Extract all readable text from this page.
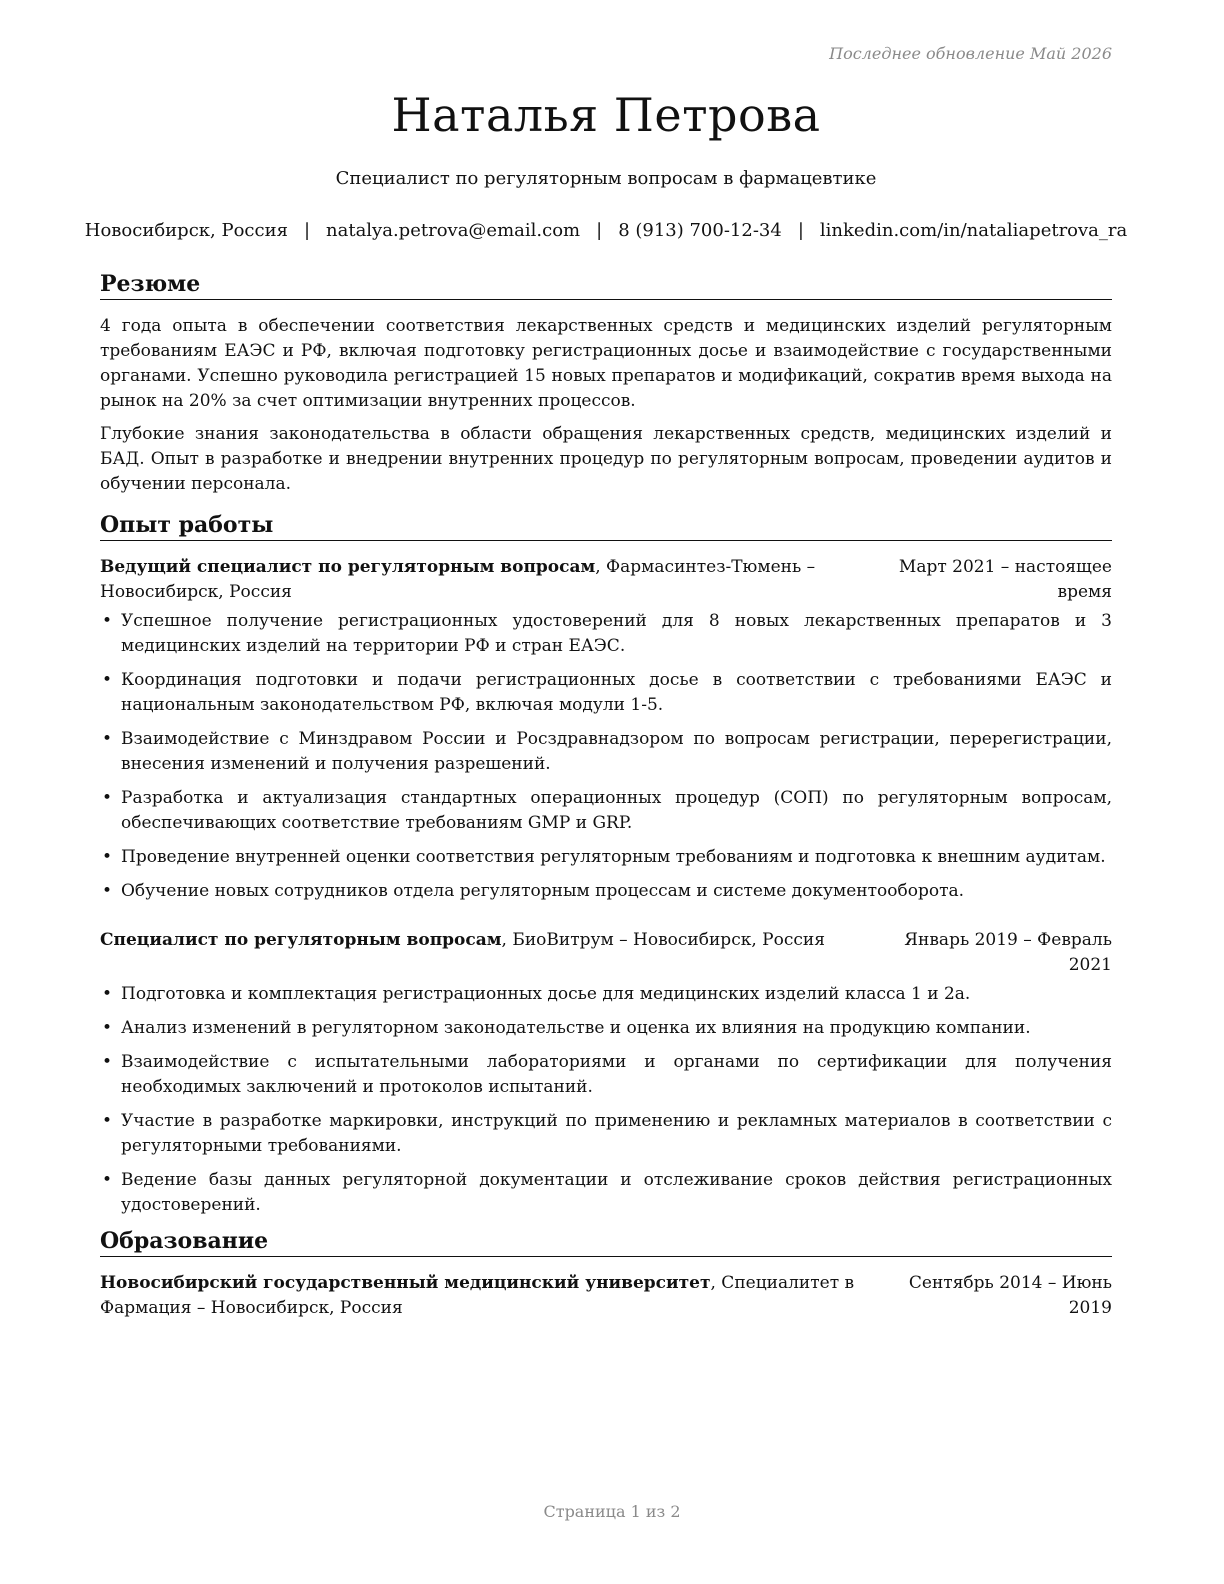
Последнее обновление Май 2026
Наталья Петрова
Специалист по регуляторным вопросам в фармацевтике
Новосибирск, Россия | natalya.petrova@email.com | 8 (913) 700-12-34 | linkedin.com/in/nataliapetrova_ra
Резюме

4 года опыта в обеспечении соответствия лекарственных средств и медицинских изделий регуляторным требованиям ЕАЭС и РФ, включая подготовку регистрационных досье и взаимодействие с государственными органами. Успешно руководила регистрацией 15 новых препаратов и модификаций, сократив время выхода на рынок на 20% за счет оптимизации внутренних процессов.

Глубокие знания законодательства в области обращения лекарственных средств, медицинских изделий и БАД. Опыт в разработке и внедрении внутренних процедур по регуляторным вопросам, проведении аудитов и обучении персонала.

Опыт работы
Ведущий специалист по регуляторным вопросам, Фармасинтез-Тюмень – Новосибирск, Россия
Март 2021 – настоящее время
• Успешное получение регистрационных удостоверений для 8 новых лекарственных препаратов и 3 медицинских изделий на территории РФ и стран ЕАЭС.
• Координация подготовки и подачи регистрационных досье в соответствии с требованиями ЕАЭС и национальным законодательством РФ, включая модули 1-5.
• Взаимодействие с Минздравом России и Росздравнадзором по вопросам регистрации, перерегистрации, внесения изменений и получения разрешений.
• Разработка и актуализация стандартных операционных процедур (СОП) по регуляторным вопросам, обеспечивающих соответствие требованиям GMP и GRP.
• Проведение внутренней оценки соответствия регуляторным требованиям и подготовка к внешним аудитам.
• Обучение новых сотрудников отдела регуляторным процессам и системе документооборота.
Специалист по регуляторным вопросам, БиоВитрум – Новосибирск, Россия	Январь 2019 – Февраль 2021
• Подготовка и комплектация регистрационных досье для медицинских изделий класса 1 и 2а.
• Анализ изменений в регуляторном законодательстве и оценка их влияния на продукцию компании.
• Взаимодействие с испытательными лабораториями и органами по сертификации для получения необходимых заключений и протоколов испытаний.
• Участие в разработке маркировки, инструкций по применению и рекламных материалов в соответствии с регуляторными требованиями.
• Ведение базы данных регуляторной документации и отслеживание сроков действия регистрационных удостоверений.
Образование
Новосибирский государственный медицинский университет, Специалитет в Фармация – Новосибирск, Россия
Сентябрь 2014 – Июнь 2019
Страница 1 из 2
